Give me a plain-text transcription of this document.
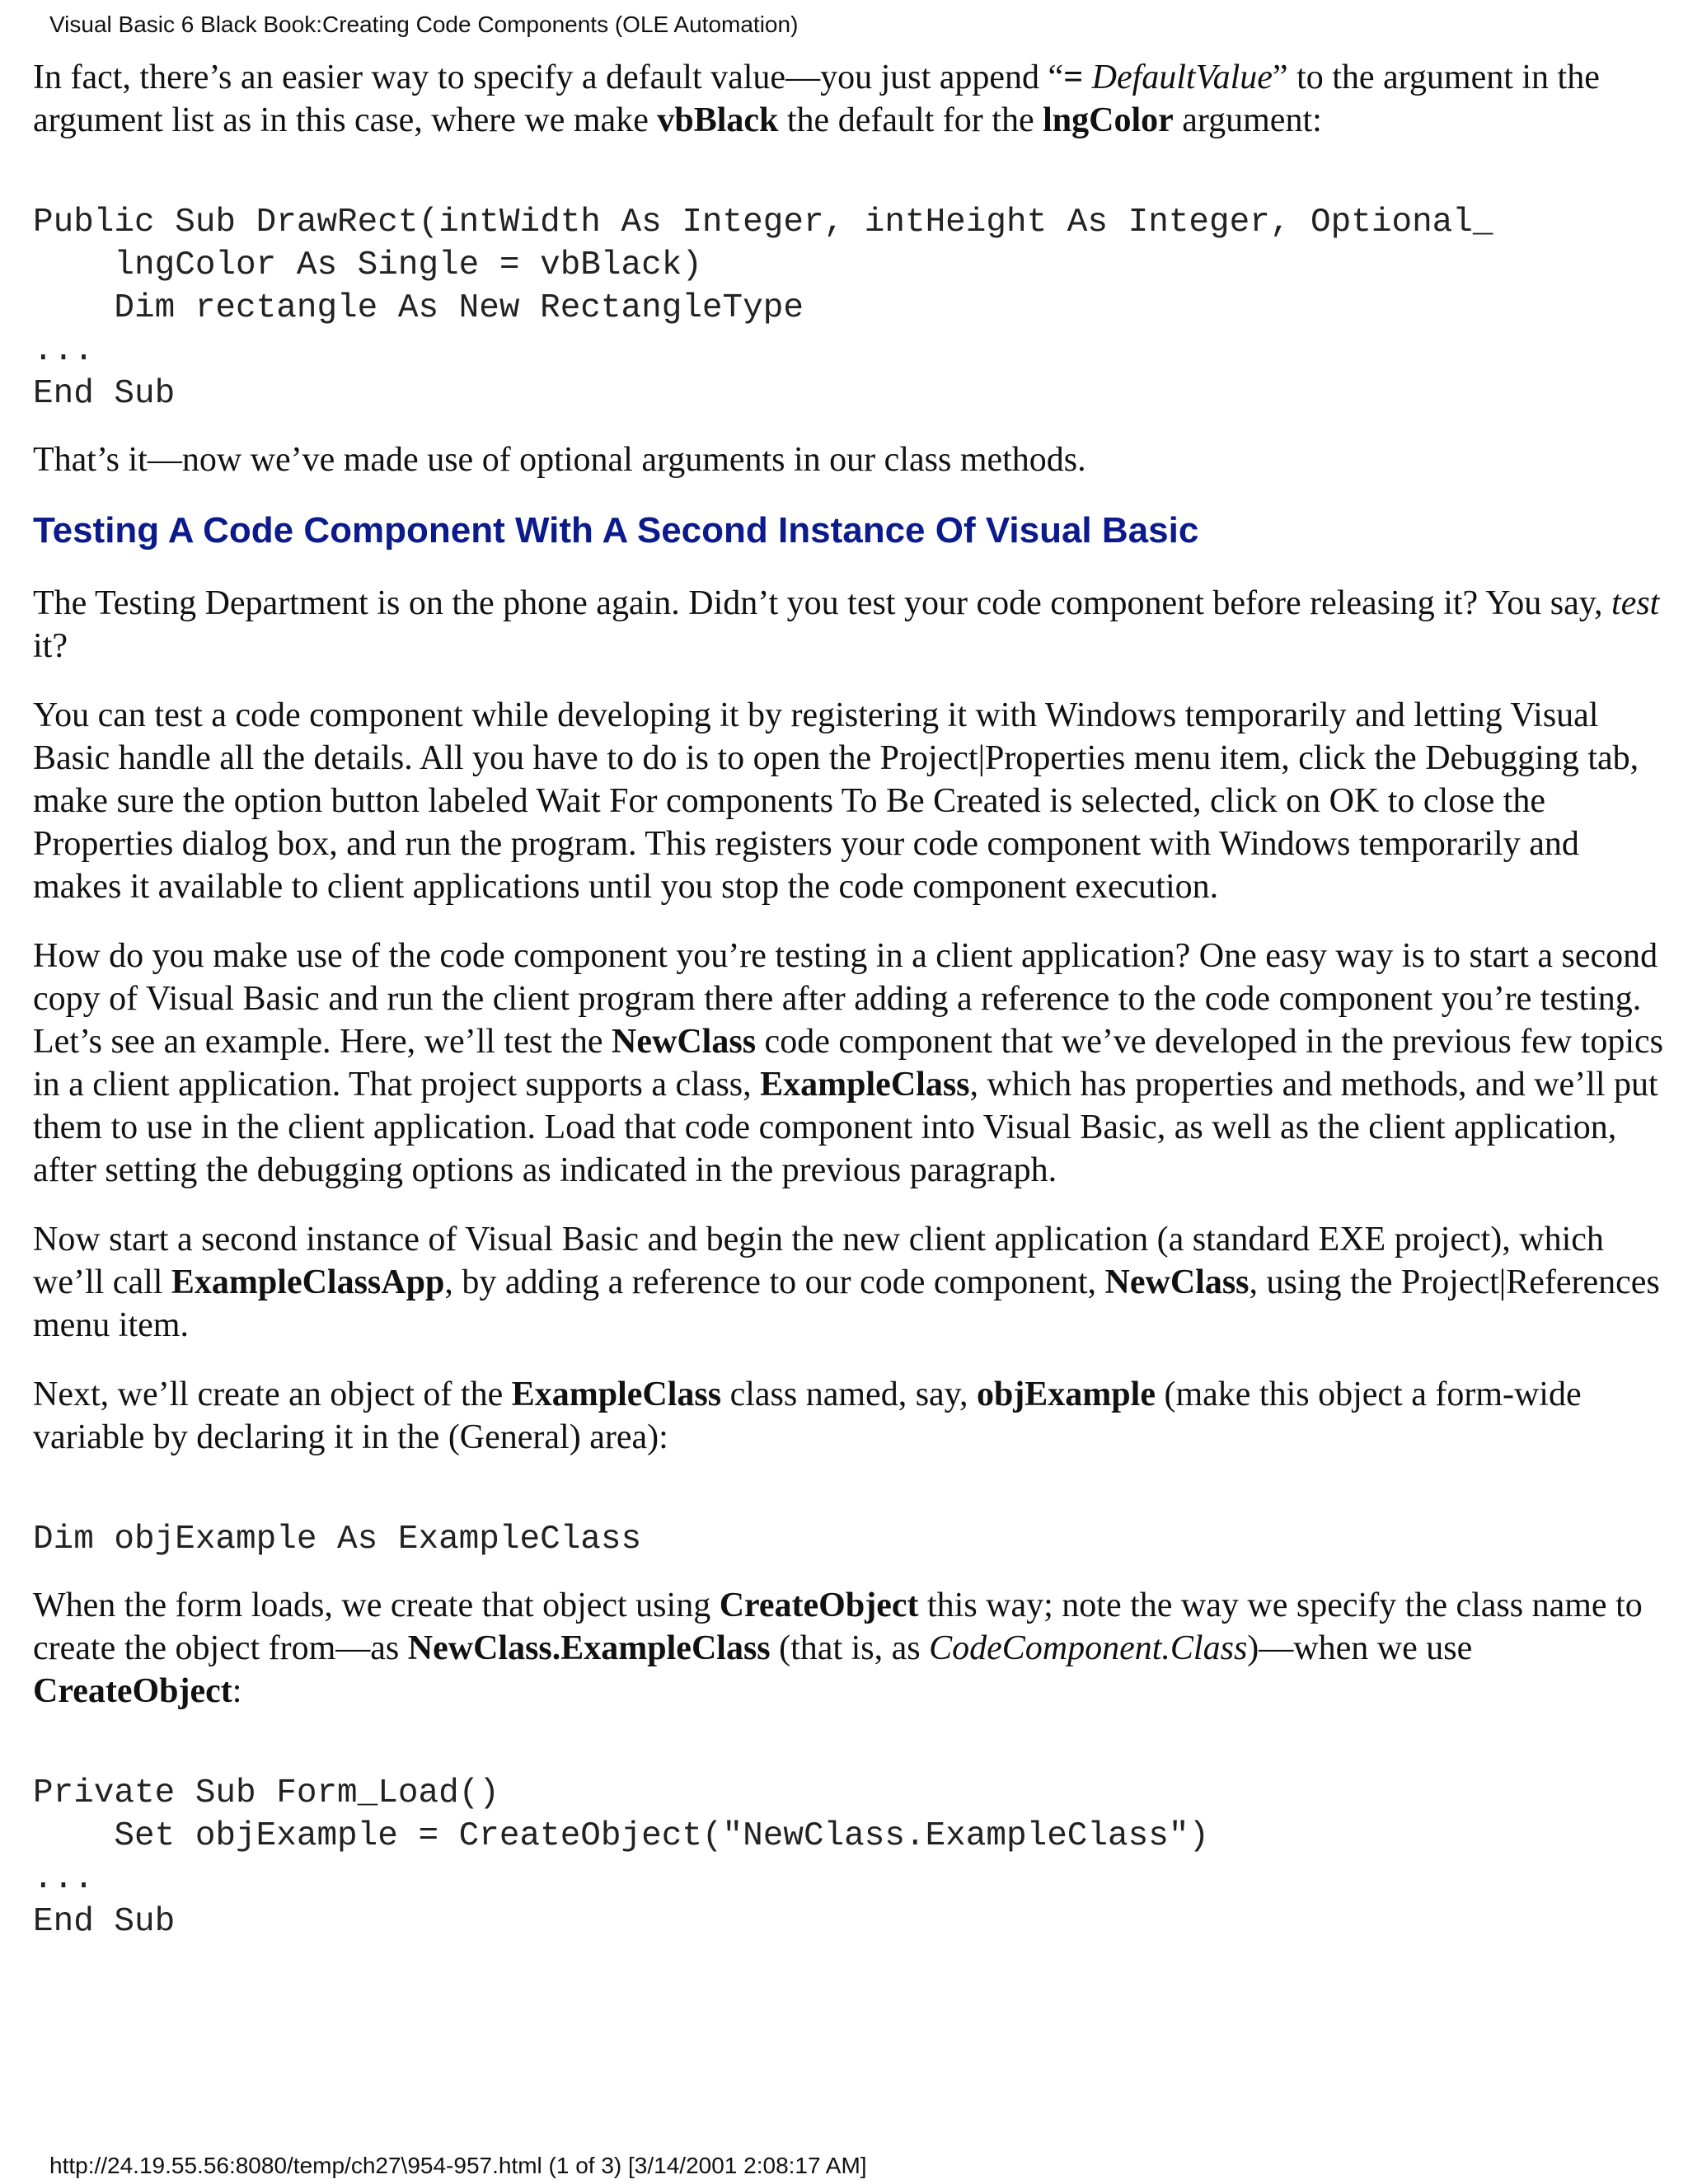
Visual Basic 6 Black Book:Creating Code Components (OLE Automation)

In fact, there’s an easier way to specify a default value—you just append “= DefaultValue” to the argument in the argument list as in this case, where we make vbBlack the default for the lngColor argument:

Public Sub DrawRect(intWidth As Integer, intHeight As Integer, Optional_
lngColor As Single = vbBlack)
Dim rectangle As New RectangleType
...
End Sub

That’s it—now we’ve made use of optional arguments in our class methods.

Testing A Code Component With A Second Instance Of Visual Basic

The Testing Department is on the phone again. Didn’t you test your code component before releasing it? You say, test it?

You can test a code component while developing it by registering it with Windows temporarily and letting Visual Basic handle all the details. All you have to do is to open the Project|Properties menu item, click the Debugging tab, make sure the option button labeled Wait For components To Be Created is selected, click on OK to close the Properties dialog box, and run the program. This registers your code component with Windows temporarily and makes it available to client applications until you stop the code component execution.

How do you make use of the code component you’re testing in a client application? One easy way is to start a second copy of Visual Basic and run the client program there after adding a reference to the code component you’re testing. Let’s see an example. Here, we’ll test the NewClass code component that we’ve developed in the previous few topics in a client application. That project supports a class, ExampleClass, which has properties and methods, and we’ll put them to use in the client application. Load that code component into Visual Basic, as well as the client application, after setting the debugging options as indicated in the previous paragraph.

Now start a second instance of Visual Basic and begin the new client application (a standard EXE project), which we’ll call ExampleClassApp, by adding a reference to our code component, NewClass, using the Project|References menu item.

Next, we’ll create an object of the ExampleClass class named, say, objExample (make this object a form-wide variable by declaring it in the (General) area):

Dim objExample As ExampleClass

When the form loads, we create that object using CreateObject this way; note the way we specify the class name to create the object from—as NewClass.ExampleClass (that is, as CodeComponent.Class)—when we use CreateObject:

Private Sub Form_Load()
Set objExample = CreateObject("NewClass.ExampleClass")
...
End Sub
http://24.19.55.56:8080/temp/ch27\954-957.html (1 of 3) [3/14/2001 2:08:17 AM]
